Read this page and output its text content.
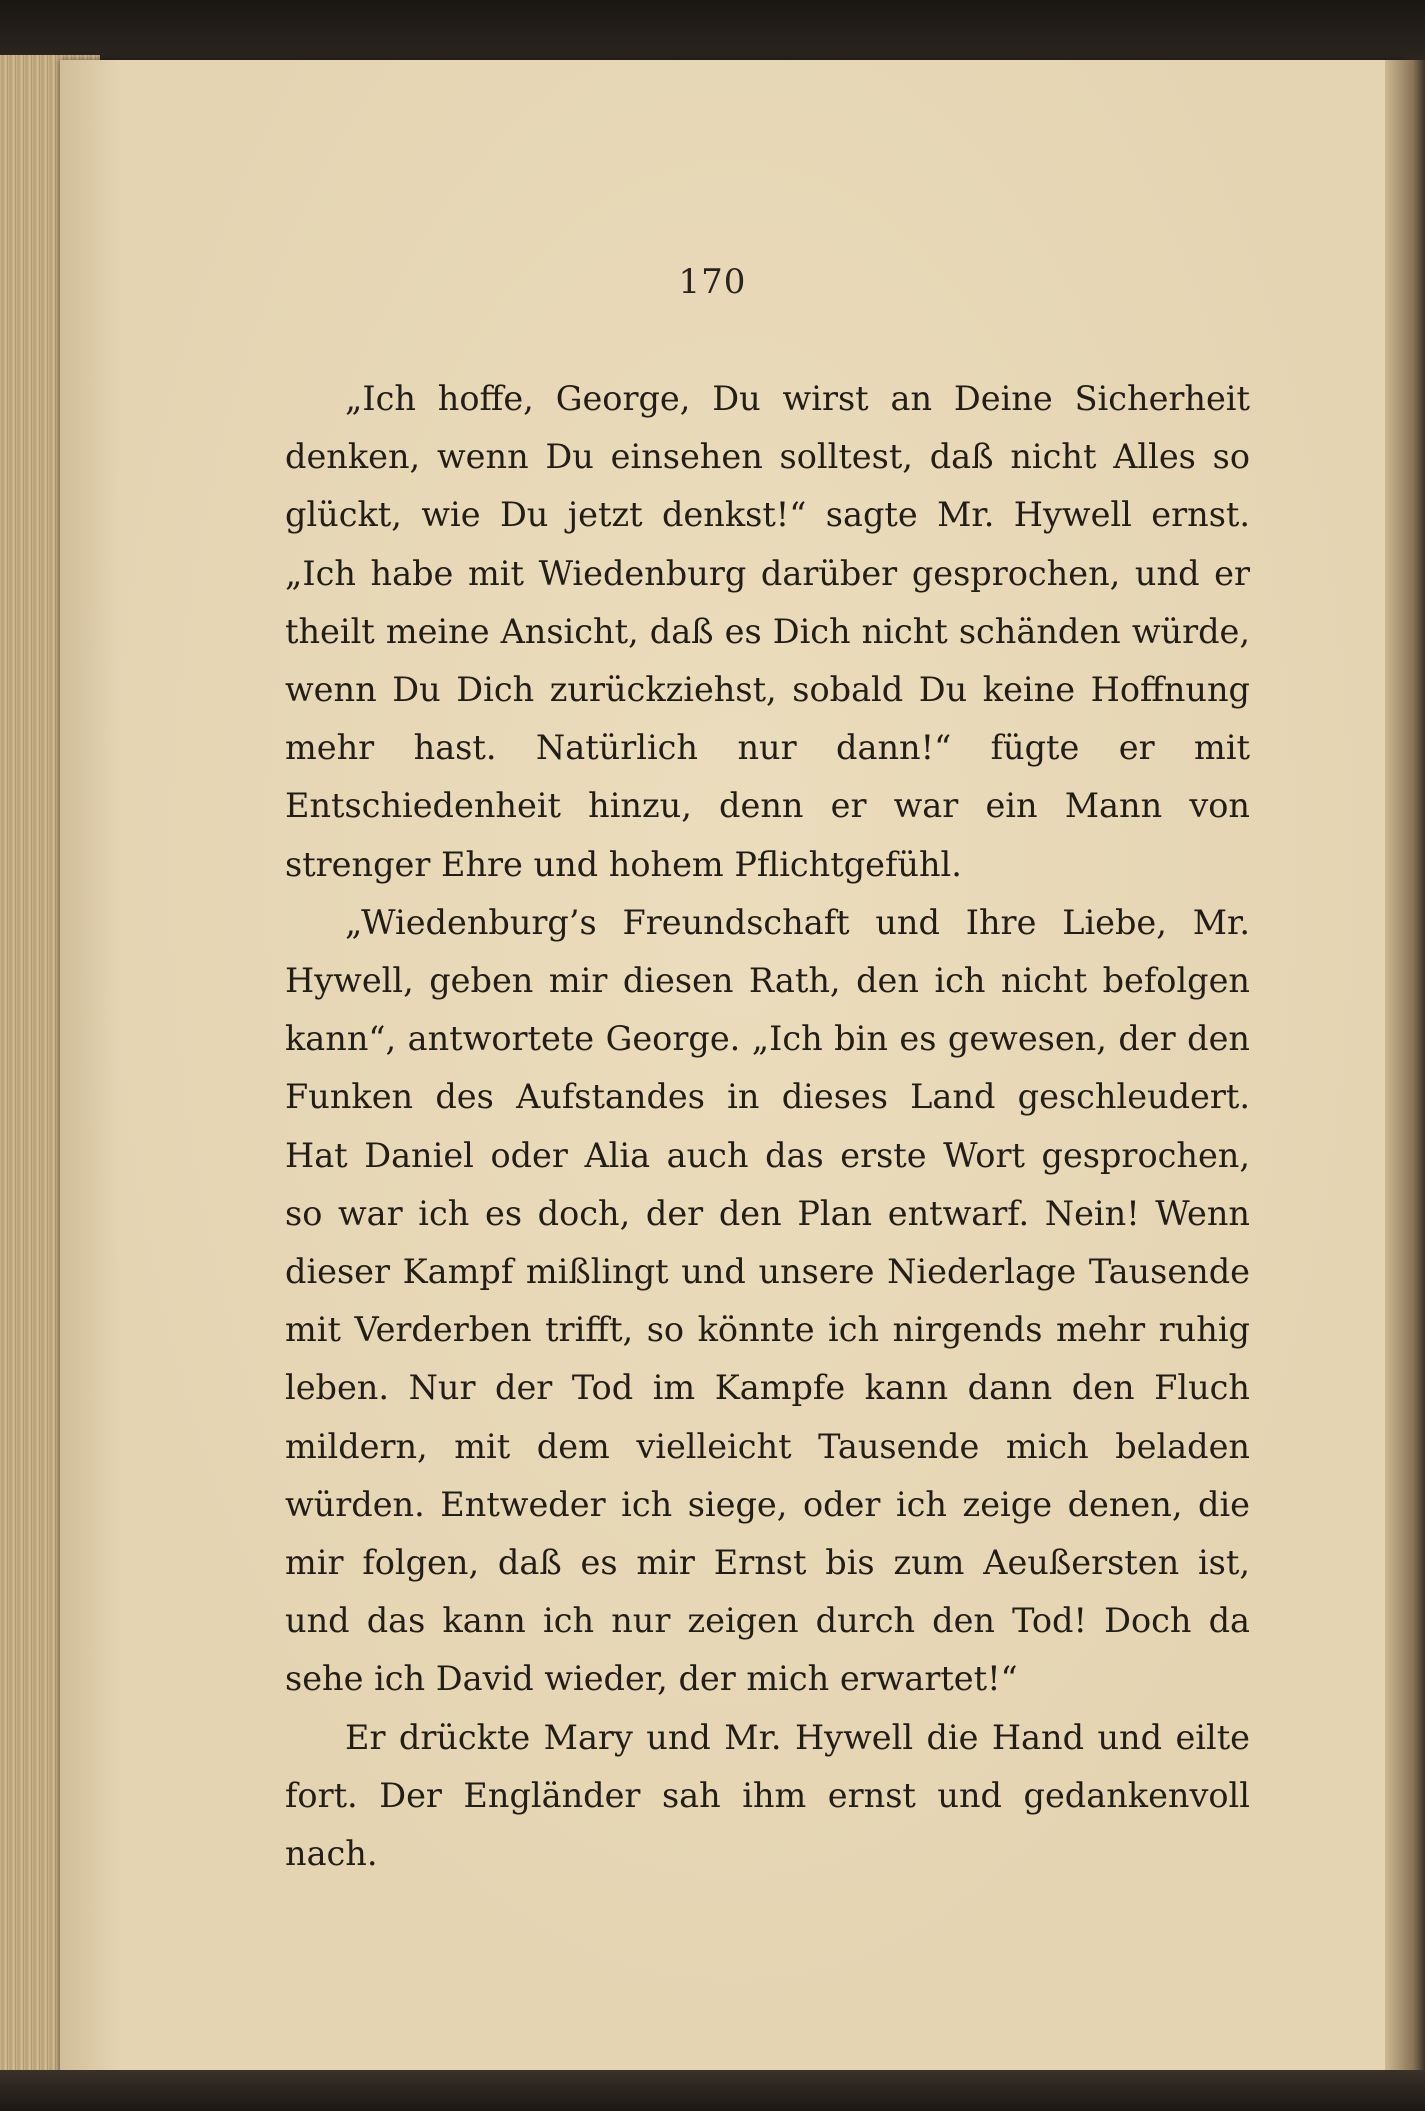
170

„Ich hoffe, George, Du wirst an Deine Sicherheit denken, wenn Du einsehen solltest, daß nicht Alles so glückt, wie Du jetzt denkst!“ sagte Mr. Hywell ernst. „Ich habe mit Wiedenburg darüber gesprochen, und er theilt meine Ansicht, daß es Dich nicht schänden würde, wenn Du Dich zurückziehst, sobald Du keine Hoffnung mehr hast. Natürlich nur dann!“ fügte er mit Entschiedenheit hinzu, denn er war ein Mann von strenger Ehre und hohem Pflichtgefühl.

„Wiedenburg’s Freundschaft und Ihre Liebe, Mr. Hywell, geben mir diesen Rath, den ich nicht befolgen kann“, antwortete George. „Ich bin es gewesen, der den Funken des Aufstandes in dieses Land geschleudert. Hat Daniel oder Alia auch das erste Wort gesprochen, so war ich es doch, der den Plan entwarf. Nein! Wenn dieser Kampf mißlingt und unsere Niederlage Tausende mit Verderben trifft, so könnte ich nirgends mehr ruhig leben. Nur der Tod im Kampfe kann dann den Fluch mildern, mit dem vielleicht Tausende mich beladen würden. Entweder ich siege, oder ich zeige denen, die mir folgen, daß es mir Ernst bis zum Aeußersten ist, und das kann ich nur zeigen durch den Tod! Doch da sehe ich David wieder, der mich erwartet!“

Er drückte Mary und Mr. Hywell die Hand und eilte fort. Der Engländer sah ihm ernst und gedankenvoll nach.
